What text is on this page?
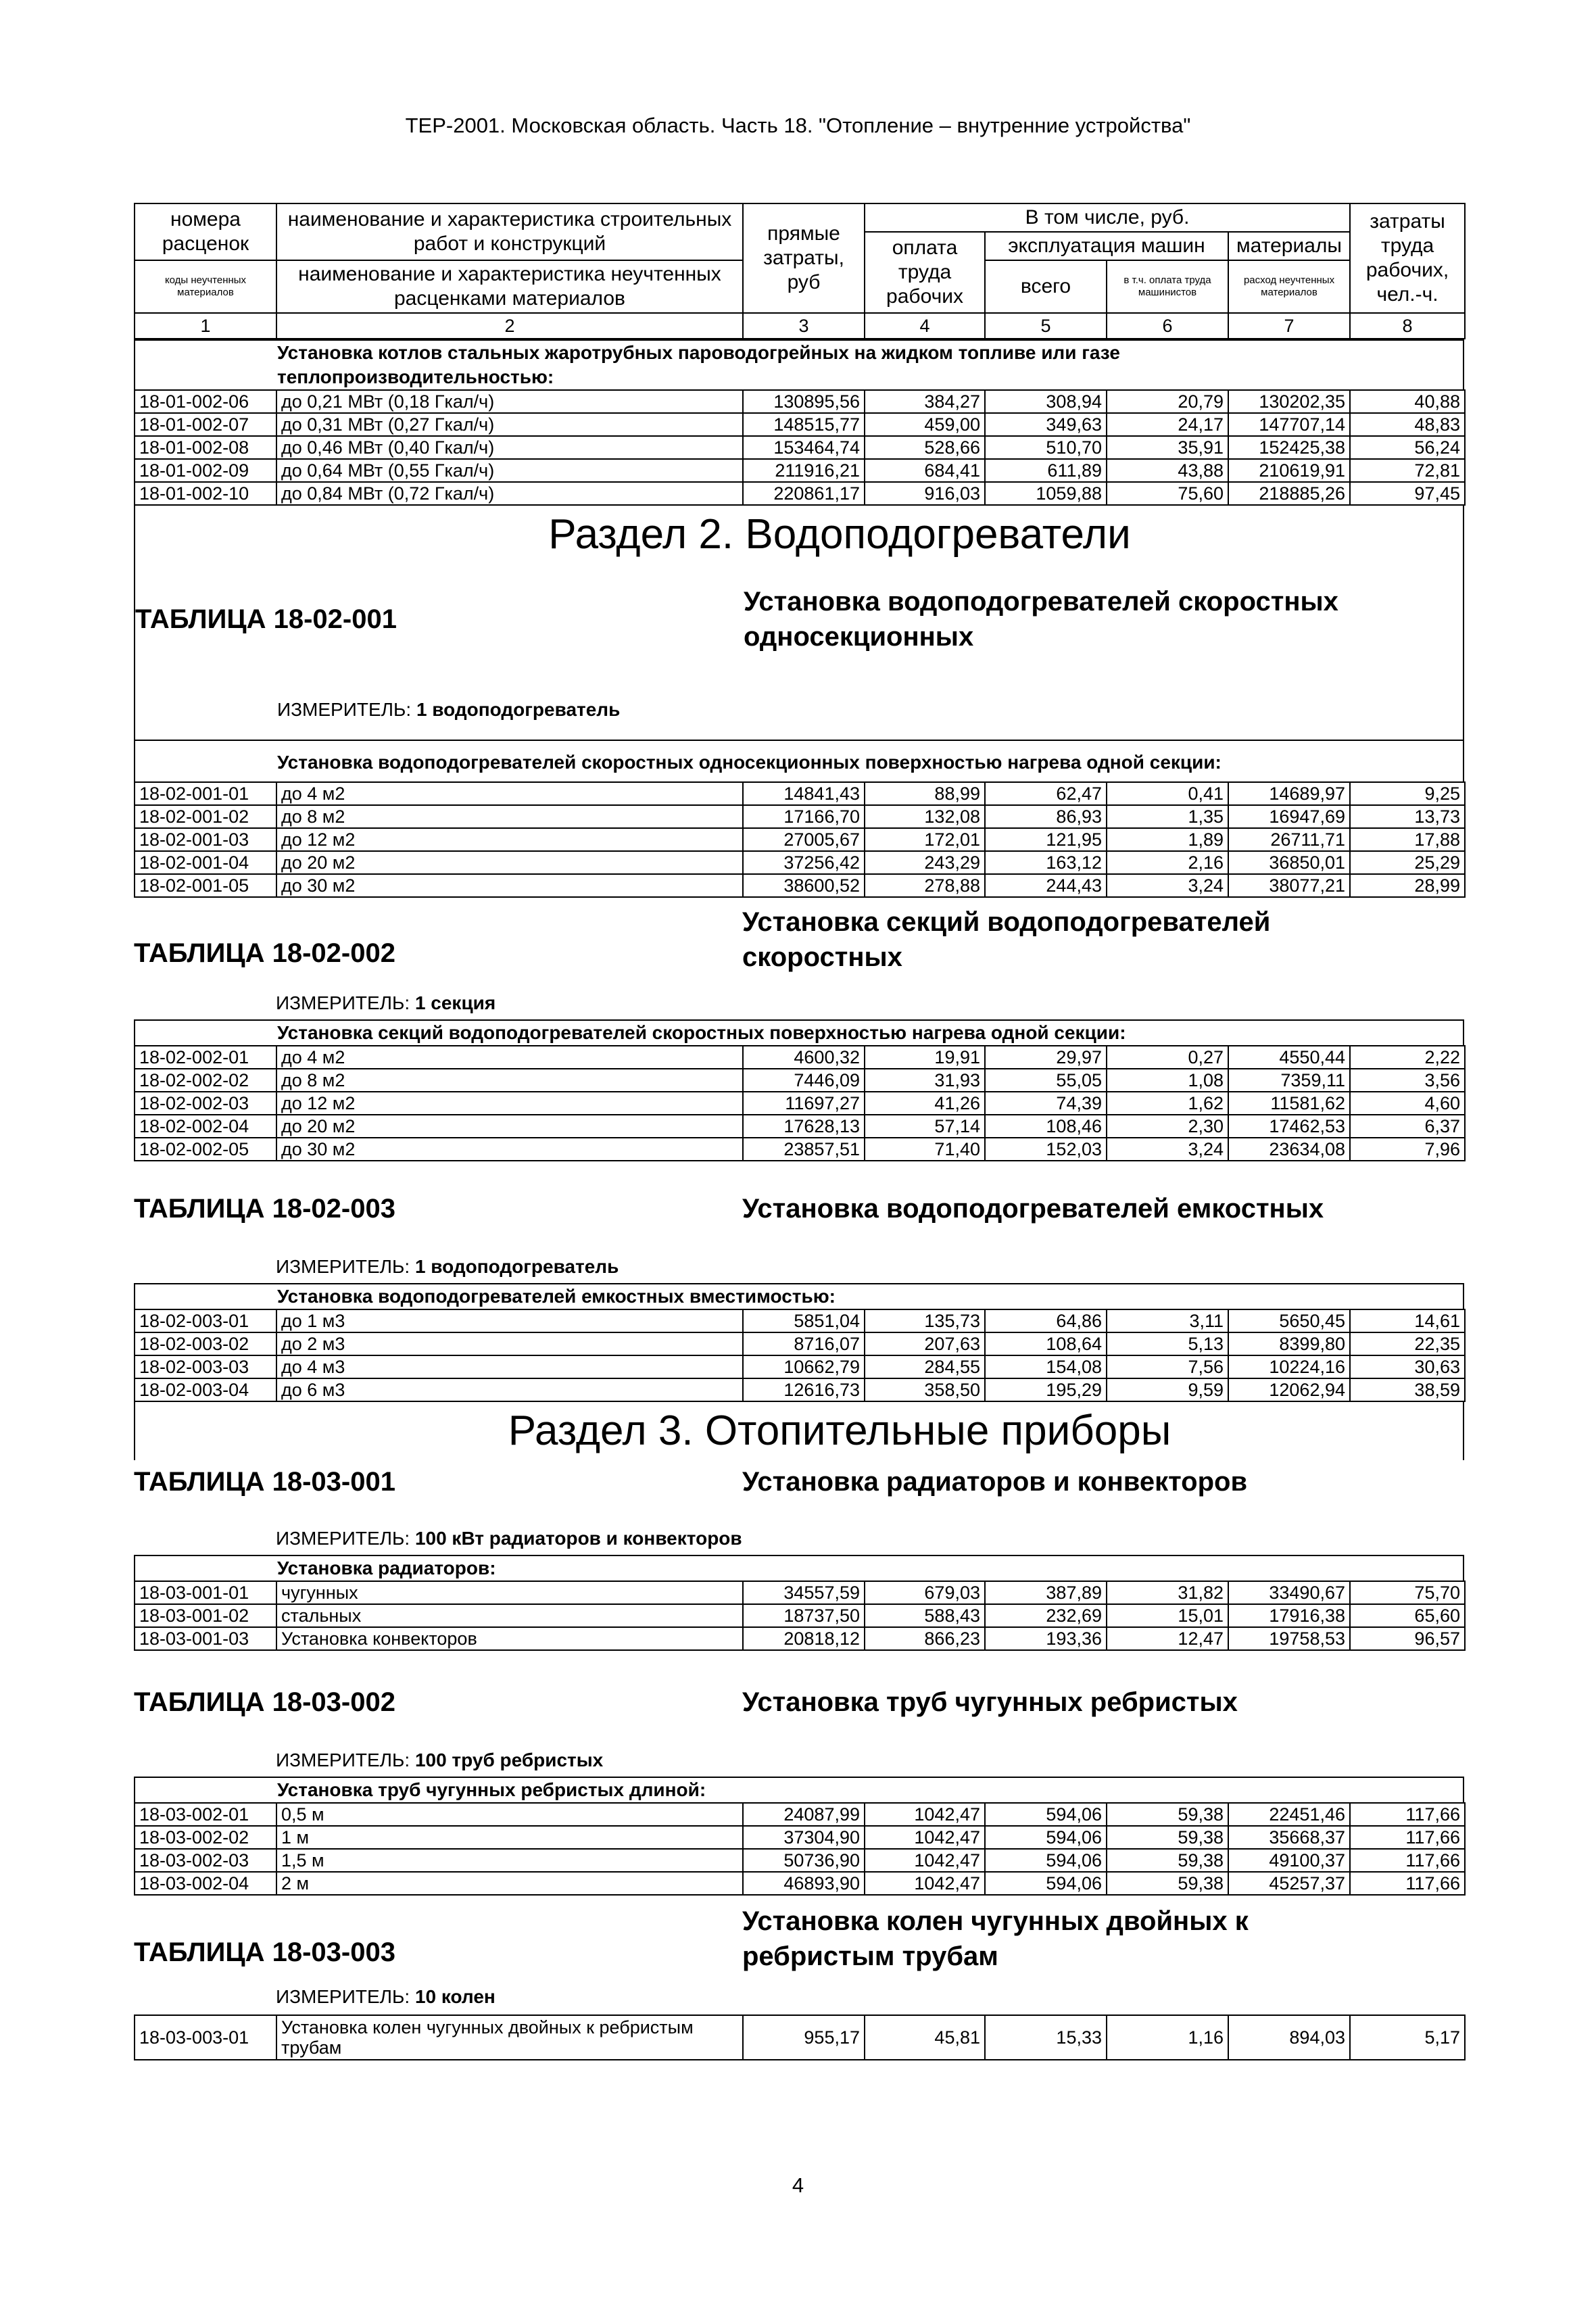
ТЕР-2001. Московская область. Часть 18. "Отопление – внутренние устройства"
номера расценок	наименование и характеристика строительных работ и конструкций	прямые затраты, руб	В том числе, руб.				затраты труда рабочих, чел.-ч.
			оплата труда рабочих	эксплуатация машин		материалы	
коды неучтенных материалов	наименование и характеристика неучтенных расценками материалов			всего	в т.ч. оплата труда машинистов	расход неучтенных материалов	

1	2	3	4	5	6	7	8
Установка котлов стальных жаротрубных пароводогрейных на жидком топливе или газе
теплопроизводительностью:
18-01-002-06	до 0,21 МВт (0,18 Гкал/ч)	130895,56	384,27	308,94	20,79	130202,35	40,88
18-01-002-07	до 0,31 МВт (0,27 Гкал/ч)	148515,77	459,00	349,63	24,17	147707,14	48,83
18-01-002-08	до 0,46 МВт (0,40 Гкал/ч)	153464,74	528,66	510,70	35,91	152425,38	56,24
18-01-002-09	до 0,64 МВт (0,55 Гкал/ч)	211916,21	684,41	611,89	43,88	210619,91	72,81
18-01-002-10	до 0,84 МВт (0,72 Гкал/ч)	220861,17	916,03	1059,88	75,60	218885,26	97,45
Раздел 2. Водоподогреватели
ТАБЛИЦА 18-02-001
Установка водоподогревателей скоростных односекционных
ИЗМЕРИТЕЛЬ: 1 водоподогреватель
Установка водоподогревателей скоростных односекционных поверхностью нагрева одной секции:
18-02-001-01	до 4 м2	14841,43	88,99	62,47	0,41	14689,97	9,25
18-02-001-02	до 8 м2	17166,70	132,08	86,93	1,35	16947,69	13,73
18-02-001-03	до 12 м2	27005,67	172,01	121,95	1,89	26711,71	17,88
18-02-001-04	до 20 м2	37256,42	243,29	163,12	2,16	36850,01	25,29
18-02-001-05	до 30 м2	38600,52	278,88	244,43	3,24	38077,21	28,99
ТАБЛИЦА 18-02-002
Установка секций водоподогревателей скоростных
ИЗМЕРИТЕЛЬ: 1 секция
Установка секций водоподогревателей скоростных поверхностью нагрева одной секции:
18-02-002-01	до 4 м2	4600,32	19,91	29,97	0,27	4550,44	2,22
18-02-002-02	до 8 м2	7446,09	31,93	55,05	1,08	7359,11	3,56
18-02-002-03	до 12 м2	11697,27	41,26	74,39	1,62	11581,62	4,60
18-02-002-04	до 20 м2	17628,13	57,14	108,46	2,30	17462,53	6,37
18-02-002-05	до 30 м2	23857,51	71,40	152,03	3,24	23634,08	7,96
ТАБЛИЦА 18-02-003	Установка водоподогревателей емкостных
ИЗМЕРИТЕЛЬ: 1 водоподогреватель
Установка водоподогревателей емкостных вместимостью:
18-02-003-01	до 1 м3	5851,04	135,73	64,86	3,11	5650,45	14,61
18-02-003-02	до 2 м3	8716,07	207,63	108,64	5,13	8399,80	22,35
18-02-003-03	до 4 м3	10662,79	284,55	154,08	7,56	10224,16	30,63
18-02-003-04	до 6 м3	12616,73	358,50	195,29	9,59	12062,94	38,59
Раздел 3. Отопительные приборы
ТАБЛИЦА 18-03-001	Установка радиаторов и конвекторов
ИЗМЕРИТЕЛЬ: 100 кВт радиаторов и конвекторов
Установка радиаторов:
18-03-001-01	чугунных	34557,59	679,03	387,89	31,82	33490,67	75,70
18-03-001-02	стальных	18737,50	588,43	232,69	15,01	17916,38	65,60
18-03-001-03	Установка конвекторов	20818,12	866,23	193,36	12,47	19758,53	96,57
ТАБЛИЦА 18-03-002	Установка труб чугунных ребристых
ИЗМЕРИТЕЛЬ: 100 труб ребристых
Установка труб чугунных ребристых длиной:
18-03-002-01	0,5 м	24087,99	1042,47	594,06	59,38	22451,46	117,66
18-03-002-02	1 м	37304,90	1042,47	594,06	59,38	35668,37	117,66
18-03-002-03	1,5 м	50736,90	1042,47	594,06	59,38	49100,37	117,66
18-03-002-04	2 м	46893,90	1042,47	594,06	59,38	45257,37	117,66
ТАБЛИЦА 18-03-003
Установка колен чугунных двойных к ребристым трубам
ИЗМЕРИТЕЛЬ: 10 колен
18-03-003-01	Установка колен чугунных двойных к ребристым трубам	955,17	45,81	15,33	1,16	894,03	5,17
4
